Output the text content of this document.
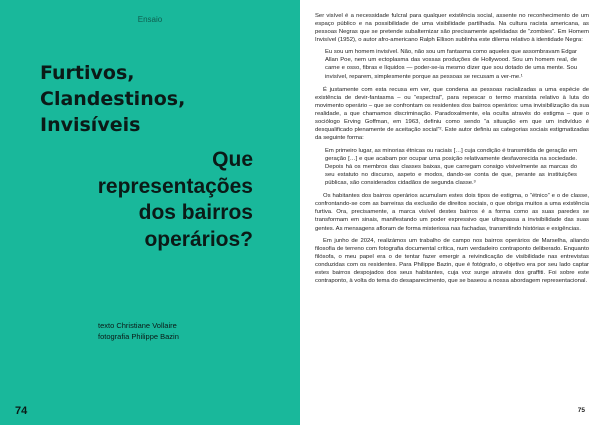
Ensaio
Furtivos,
Clandestinos,
Invisíveis
Que
representações
dos bairros
operários?
texto Christiane Vollaire
fotografia Philippe Bazin
74

Ser visível é a necessidade fulcral para qualquer existência social, assente no reconhecimento de um espaço público e na possibilidade de uma visibilidade partilhada. Na cultura racista americana, as pessoas Negras que se pretende subalternizar são precisamente apelidadas de “zombies”. Em Homem Invisível (1952), o autor afro-americano Ralph Ellison sublinha este dilema relativo à identidade Negra:

Eu sou um homem invisível. Não, não sou um fantasma como aqueles que assombravam Edgar Allan Poe, nem um ectoplasma das vossas produções de Hollywood. Sou um homem real, de carne e osso, fibras e líquidos — poder-se-ia mesmo dizer que sou dotado de uma mente. Sou invisível, reparem, simplesmente porque as pessoas se recusam a ver-me.¹

É justamente com esta recusa em ver, que condena as pessoas racializadas a uma espécie de existência de devir-fantasma – ou “espectral”, para repescar o termo marxista relativo à luta do movimento operário – que se confrontam os residentes dos bairros operários: uma invisibilização da sua realidade, a que chamamos discriminação. Paradoxalmente, ela oculta através do estigma – que o sociólogo Erving Goffman, em 1963, definiu como sendo “a situação em que um indivíduo é desqualificado plenamente de aceitação social”². Este autor definiu as categorias sociais estigmatizadas da seguinte forma:

Em primeiro lugar, as minorias étnicas ou raciais […] cuja condição é transmitida de geração em geração […] e que acabam por ocupar uma posição relativamente desfavorecida na sociedade. Depois há os membros das classes baixas, que carregam consigo visivelmente as marcas do seu estatuto no discurso, aspeto e modos, dando-se conta de que, perante as instituições públicas, são considerados cidadãos de segunda classe.³

Os habitantes dos bairros operários acumulam estes dois tipos de estigma, o “étnico” e o de classe, confrontando-se com as barreiras da exclusão de direitos sociais, o que obriga muitos a uma existência furtiva. Ora, precisamente, a marca visível destes bairros é a forma como as suas paredes se transformam em sinais, manifestando um poder expressivo que ultrapassa a invisibilidade das suas gentes. As mensagens afloram de forma misteriosa nas fachadas, transmitindo histórias e exigências.

Em junho de 2024, realizámos um trabalho de campo nos bairros operários de Marselha, aliando filosofia de terreno com fotografia documental crítica, num verdadeiro contraponto deliberado. Enquanto filósofa, o meu papel era o de tentar fazer emergir a reivindicação de visibilidade nas entrevistas conduzidas com os residentes. Para Philippe Bazin, que é fotógrafo, o objetivo era por seu lado captar estes bairros despojados dos seus habitantes, cuja voz surge através dos graffiti. Foi sobre este contraponto, à volta do tema do desaparecimento, que se baseou a nossa abordagem representacional.

75
